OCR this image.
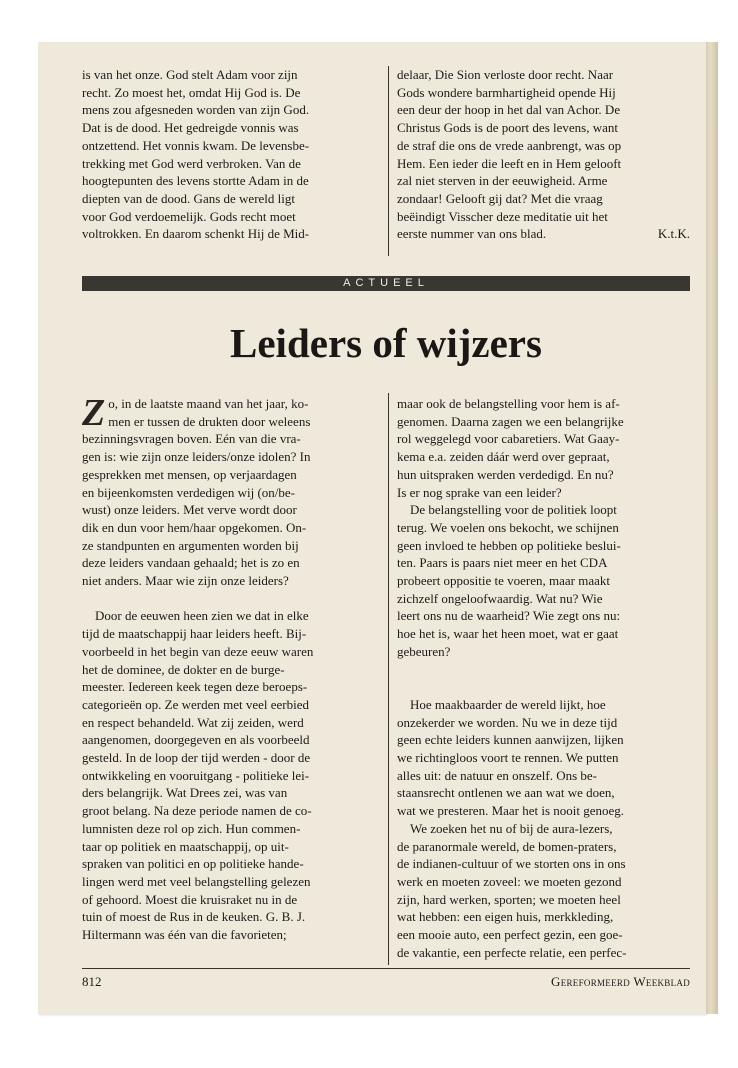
is van het onze. God stelt Adam voor zijn

recht. Zo moest het, omdat Hij God is. De

mens zou afgesneden worden van zijn God.

Dat is de dood. Het gedreigde vonnis was

ontzettend. Het vonnis kwam. De levensbe-

trekking met God werd verbroken. Van de

hoogtepunten des levens stortte Adam in de

diepten van de dood. Gans de wereld ligt

voor God verdoemelijk. Gods recht moet

voltrokken. En daarom schenkt Hij de Mid-

delaar, Die Sion verloste door recht. Naar

Gods wondere barmhartigheid opende Hij

een deur der hoop in het dal van Achor. De

Christus Gods is de poort des levens, want

de straf die ons de vrede aanbrengt, was op

Hem. Een ieder die leeft en in Hem gelooft

zal niet sterven in der eeuwigheid. Arme

zondaar! Gelooft gij dat? Met die vraag

beëindigt Visscher deze meditatie uit het

eerste nummer van ons blad.	K.t.K.

ACTUEEL
Leiders of wijzers
Z o, in de laatste maand van het jaar, ko-

men er tussen de drukten door weleens

bezinningsvragen boven. Eén van die vra-

gen is: wie zijn onze leiders/onze idolen? In

gesprekken met mensen, op verjaardagen

en bijeenkomsten verdedigen wij (on/be-

wust) onze leiders. Met verve wordt door

dik en dun voor hem/haar opgekomen. On-

ze standpunten en argumenten worden bij

deze leiders vandaan gehaald; het is zo en

niet anders. Maar wie zijn onze leiders?

Door de eeuwen heen zien we dat in elke

tijd de maatschappij haar leiders heeft. Bij-

voorbeeld in het begin van deze eeuw waren

het de dominee, de dokter en de burge-

meester. Iedereen keek tegen deze beroeps-

categorieën op. Ze werden met veel eerbied

en respect behandeld. Wat zij zeiden, werd

aangenomen, doorgegeven en als voorbeeld

gesteld. In de loop der tijd werden - door de

ontwikkeling en vooruitgang - politieke lei-

ders belangrijk. Wat Drees zei, was van

groot belang. Na deze periode namen de co-

lumnisten deze rol op zich. Hun commen-

taar op politiek en maatschappij, op uit-

spraken van politici en op politieke hande-

lingen werd met veel belangstelling gelezen

of gehoord. Moest die kruisraket nu in de

tuin of moest de Rus in de keuken. G. B. J.

Hiltermann was één van die favorieten;

maar ook de belangstelling voor hem is af-

genomen. Daarna zagen we een belangrijke

rol weggelegd voor cabaretiers. Wat Gaay-

kema e.a. zeiden dáár werd over gepraat,

hun uitspraken werden verdedigd. En nu?

Is er nog sprake van een leider?

De belangstelling voor de politiek loopt

terug. We voelen ons bekocht, we schijnen

geen invloed te hebben op politieke beslui-

ten. Paars is paars niet meer en het CDA

probeert oppositie te voeren, maar maakt

zichzelf ongeloofwaardig. Wat nu? Wie

leert ons nu de waarheid? Wie zegt ons nu:

hoe het is, waar het heen moet, wat er gaat

gebeuren?

Hoe maakbaarder de wereld lijkt, hoe

onzekerder we worden. Nu we in deze tijd

geen echte leiders kunnen aanwijzen, lijken

we richtingloos voort te rennen. We putten

alles uit: de natuur en onszelf. Ons be-

staansrecht ontlenen we aan wat we doen,

wat we presteren. Maar het is nooit genoeg.

We zoeken het nu of bij de aura-lezers,

de paranormale wereld, de bomen-praters,

de indianen-cultuur of we storten ons in ons

werk en moeten zoveel: we moeten gezond

zijn, hard werken, sporten; we moeten heel

wat hebben: een eigen huis, merkkleding,

een mooie auto, een perfect gezin, een goe-

de vakantie, een perfecte relatie, een perfec-

812	Gereformeerd Weekblad
